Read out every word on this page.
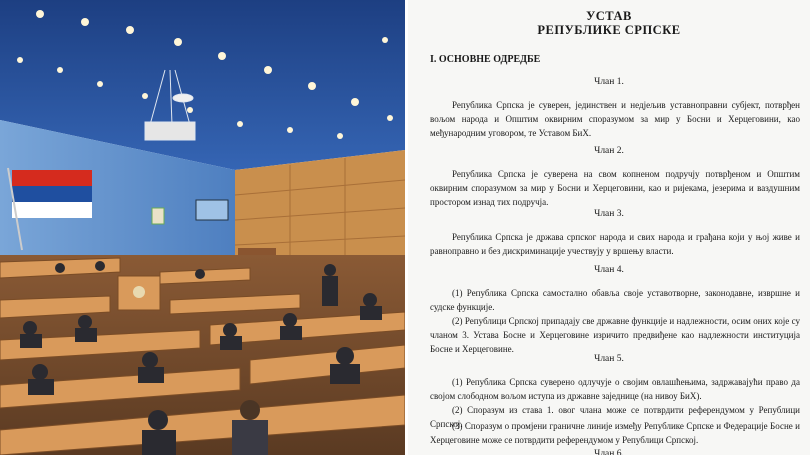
УСТАВ
РЕПУБЛИКЕ СРПСКЕ
I. ОСНОВНЕ ОДРЕДБЕ
Члан 1.
Република Српска је суверен, јединствен и недјељив уставноправни субјект, потврђен вољом народа и Општим оквирним споразумом за мир у Босни и Херцеговини, као међународним уговором, те Уставом БиХ.
Члан 2.
Република Српска је суверена на свом копненом подручју потврђеном и Општим оквирним споразумом за мир у Босни и Херцеговини, као и ријекама, језерима и ваздушним простором изнад тих подручја.
Члан 3.
Република Српска је држава српског народа и свих народа и грађана који у њој живе и равноправно и без дискриминације учествују у вршењу власти.
Члан 4.
(1) Република Српска самостално обавља своје уставотворне, законодавне, извршне и судске функције.
(2) Републици Српској припадају све државне функције и надлежности, осим оних које су чланом 3. Устава Босне и Херцеговине изричито предвиђене као надлежности институција Босне и Херцеговине.
Члан 5.
(1) Република Српска суверено одлучује о својим овлашћењима, задржавајући право да својом слободном вољом иступа из државне заједнице (на нивоу БиХ).
(2) Споразум из става 1. овог члана може се потврдити референдумом у Републици Српској.
(3) Споразум о промјени граничне линије између Републике Српске и Федерације Босне и Херцеговине може се потврдити референдумом у Републици Српској.
Члан 6.
